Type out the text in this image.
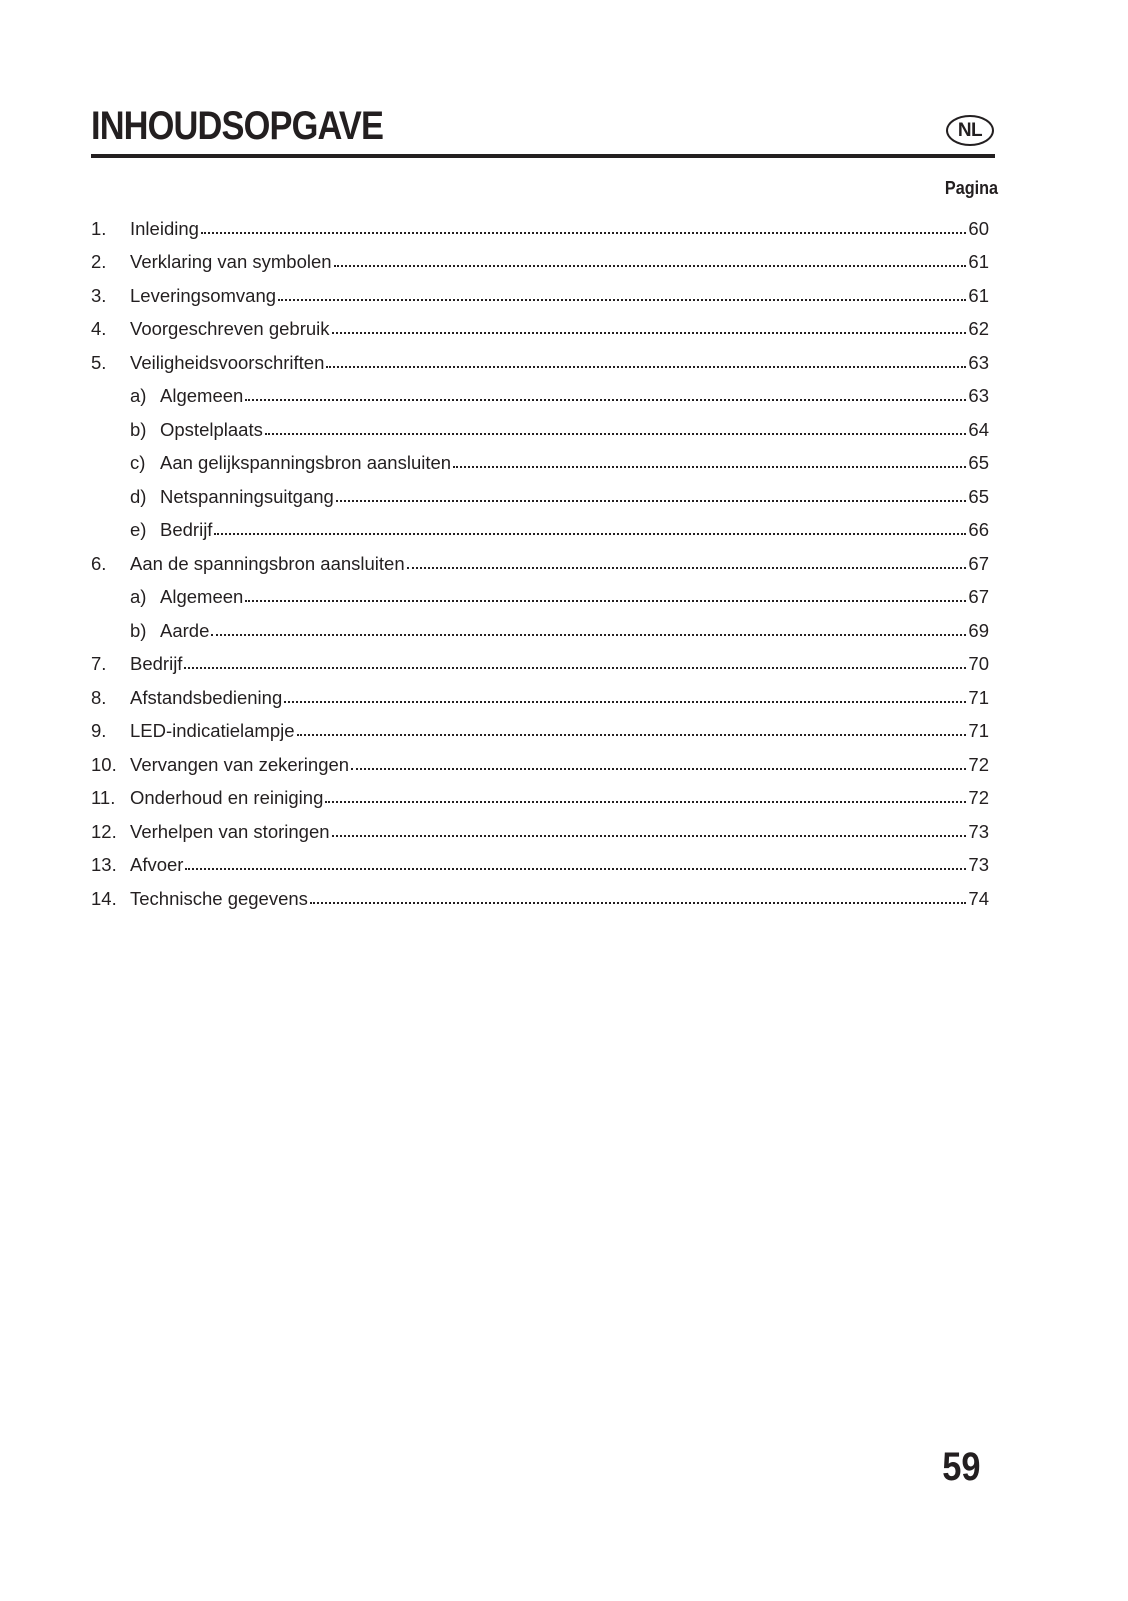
INHOUDSOPGAVE	NL
Pagina
1.	Inleiding	60
2.	Verklaring van symbolen	61
3.	Leveringsomvang	61
4.	Voorgeschreven gebruik	62
5.	Veiligheidsvoorschriften	63
a) Algemeen	63
b) Opstelplaats	64
c) Aan gelijkspanningsbron aansluiten	65
d) Netspanningsuitgang	65
e) Bedrijf	66
6.	Aan de spanningsbron aansluiten	67
a) Algemeen	67
b) Aarde	69
7.	Bedrijf	70
8.	Afstandsbediening	71
9.	LED-indicatielampje	71
10. Vervangen van zekeringen	72
11. Onderhoud en reiniging	72
12. Verhelpen van storingen	73
13. Afvoer	73
14. Technische gegevens	74
59
